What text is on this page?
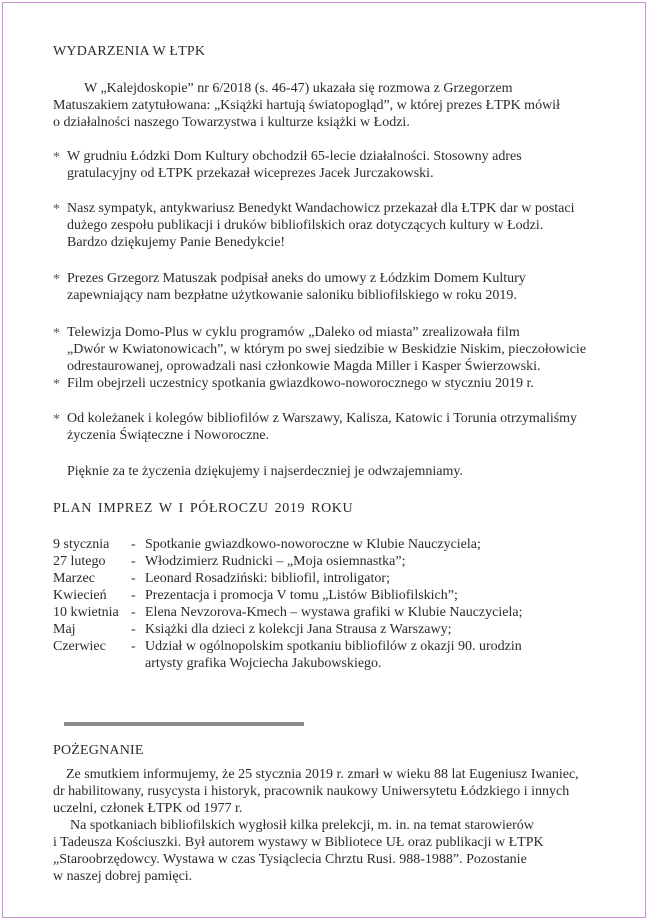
WYDARZENIA W ŁTPK
W „Kalejdoskopie” nr 6/2018 (s. 46-47) ukazała się rozmowa z Grzegorzem
Matuszakiem zatytułowana: „Książki hartują światopogląd”, w której prezes ŁTPK mówił
o działalności naszego Towarzystwa i kulturze książki w Łodzi.
* W grudniu Łódzki Dom Kultury obchodził 65-lecie działalności. Stosowny adres
gratulacyjny od ŁTPK przekazał wiceprezes Jacek Jurczakowski.
* Nasz sympatyk, antykwariusz Benedykt Wandachowicz przekazał dla ŁTPK dar w postaci
dużego zespołu publikacji i druków bibliofilskich oraz dotyczących kultury w Łodzi.
Bardzo dziękujemy Panie Benedykcie!
* Prezes Grzegorz Matuszak podpisał aneks do umowy z Łódzkim Domem Kultury
zapewniający nam bezpłatne użytkowanie saloniku bibliofilskiego w roku 2019.
* Telewizja Domo-Plus w cyklu programów „Daleko od miasta” zrealizowała film
„Dwór w Kwiatonowicach”, w którym po swej siedzibie w Beskidzie Niskim, pieczołowicie
odrestaurowanej, oprowadzali nasi członkowie Magda Miller i Kasper Świerzowski.
* Film obejrzeli uczestnicy spotkania gwiazdkowo-noworocznego w styczniu 2019 r.
* Od koleżanek i kolegów bibliofilów z Warszawy, Kalisza, Katowic i Torunia otrzymaliśmy
życzenia Świąteczne i Noworoczne.
Pięknie za te życzenia dziękujemy i najserdeczniej je odwzajemniamy.
PLAN IMPREZ W I PÓŁROCZU 2019 ROKU
9 stycznia - Spotkanie gwiazdkowo-noworoczne w Klubie Nauczyciela;
27 lutego - Włodzimierz Rudnicki – „Moja osiemnastka”;
Marzec	- Leonard Rosadziński: bibliofil, introligator;
Kwiecień - Prezentacja i promocja V tomu „Listów Bibliofilskich”;
10 kwietnia - Elena Nevzorova-Kmech – wystawa grafiki w Klubie Nauczyciela;
Maj	- Książki dla dzieci z kolekcji Jana Strausa z Warszawy;
Czerwiec - Udział w ogólnopolskim spotkaniu bibliofilów z okazji 90. urodzin
artysty grafika Wojciecha Jakubowskiego.
POŻEGNANIE
Ze smutkiem informujemy, że 25 stycznia 2019 r. zmarł w wieku 88 lat Eugeniusz Iwaniec,
dr habilitowany, rusycysta i historyk, pracownik naukowy Uniwersytetu Łódzkiego i innych
uczelni, członek ŁTPK od 1977 r.
Na spotkaniach bibliofilskich wygłosił kilka prelekcji, m. in. na temat starowierów
i Tadeusza Kościuszki. Był autorem wystawy w Bibliotece UŁ oraz publikacji w ŁTPK
„Staroobrzędowcy. Wystawa w czas Tysiąclecia Chrztu Rusi. 988-1988”. Pozostanie
w naszej dobrej pamięci.
